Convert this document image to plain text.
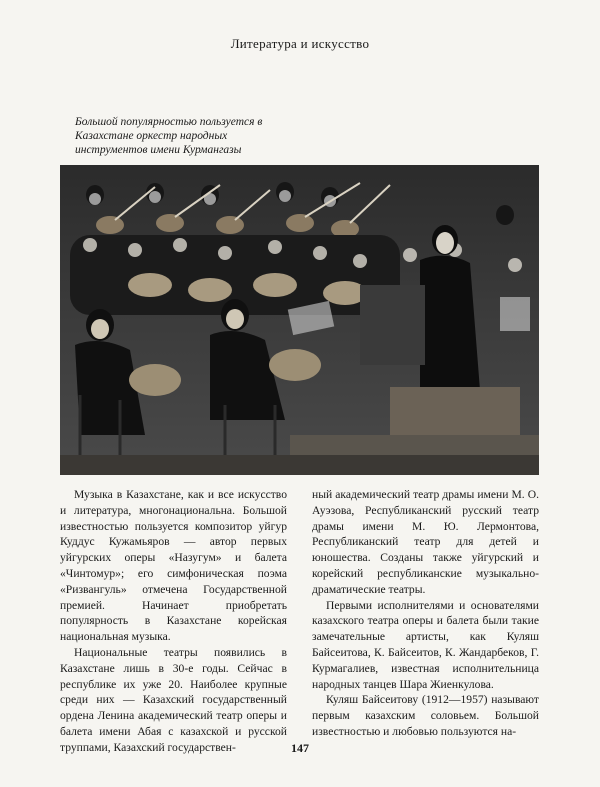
Литература и искусство
Большой популярностью пользуется в
Казахстане оркестр народных
инструментов имени Курмангазы

Музыка в Казахстане, как и все искусство и литература, многонациональна. Большой известностью пользуется композитор уйгур Куддус Кужамьяров — автор первых уйгурских оперы «Назугум» и балета «Чинтомур»; его симфоническая поэма «Ризвангуль» отмечена Государственной премией. Начинает приобретать популярность в Казахстане корейская национальная музыка.

Национальные театры появились в Казахстане лишь в 30-е годы. Сейчас в республике их уже 20. Наиболее крупные среди них — Казахский государственный ордена Ленина академический театр оперы и балета имени Абая с казахской и русской труппами, Казахский государствен-

ный академический театр драмы имени М. О. Ауэзова, Республиканский русский театр драмы имени М. Ю. Лермонтова, Республиканский театр для детей и юношества. Созданы также уйгурский и корейский республиканские музыкально-драматические театры.

Первыми исполнителями и основателями казахского театра оперы и балета были такие замечательные артисты, как Куляш Байсеитова, К. Байсеитов, К. Жандарбеков, Г. Курмагалиев, известная исполнительница народных танцев Шара Жиенкулова.

Куляш Байсеитову (1912—1957) называют первым казахским соловьем. Большой известностью и любовью пользуются на-

147
